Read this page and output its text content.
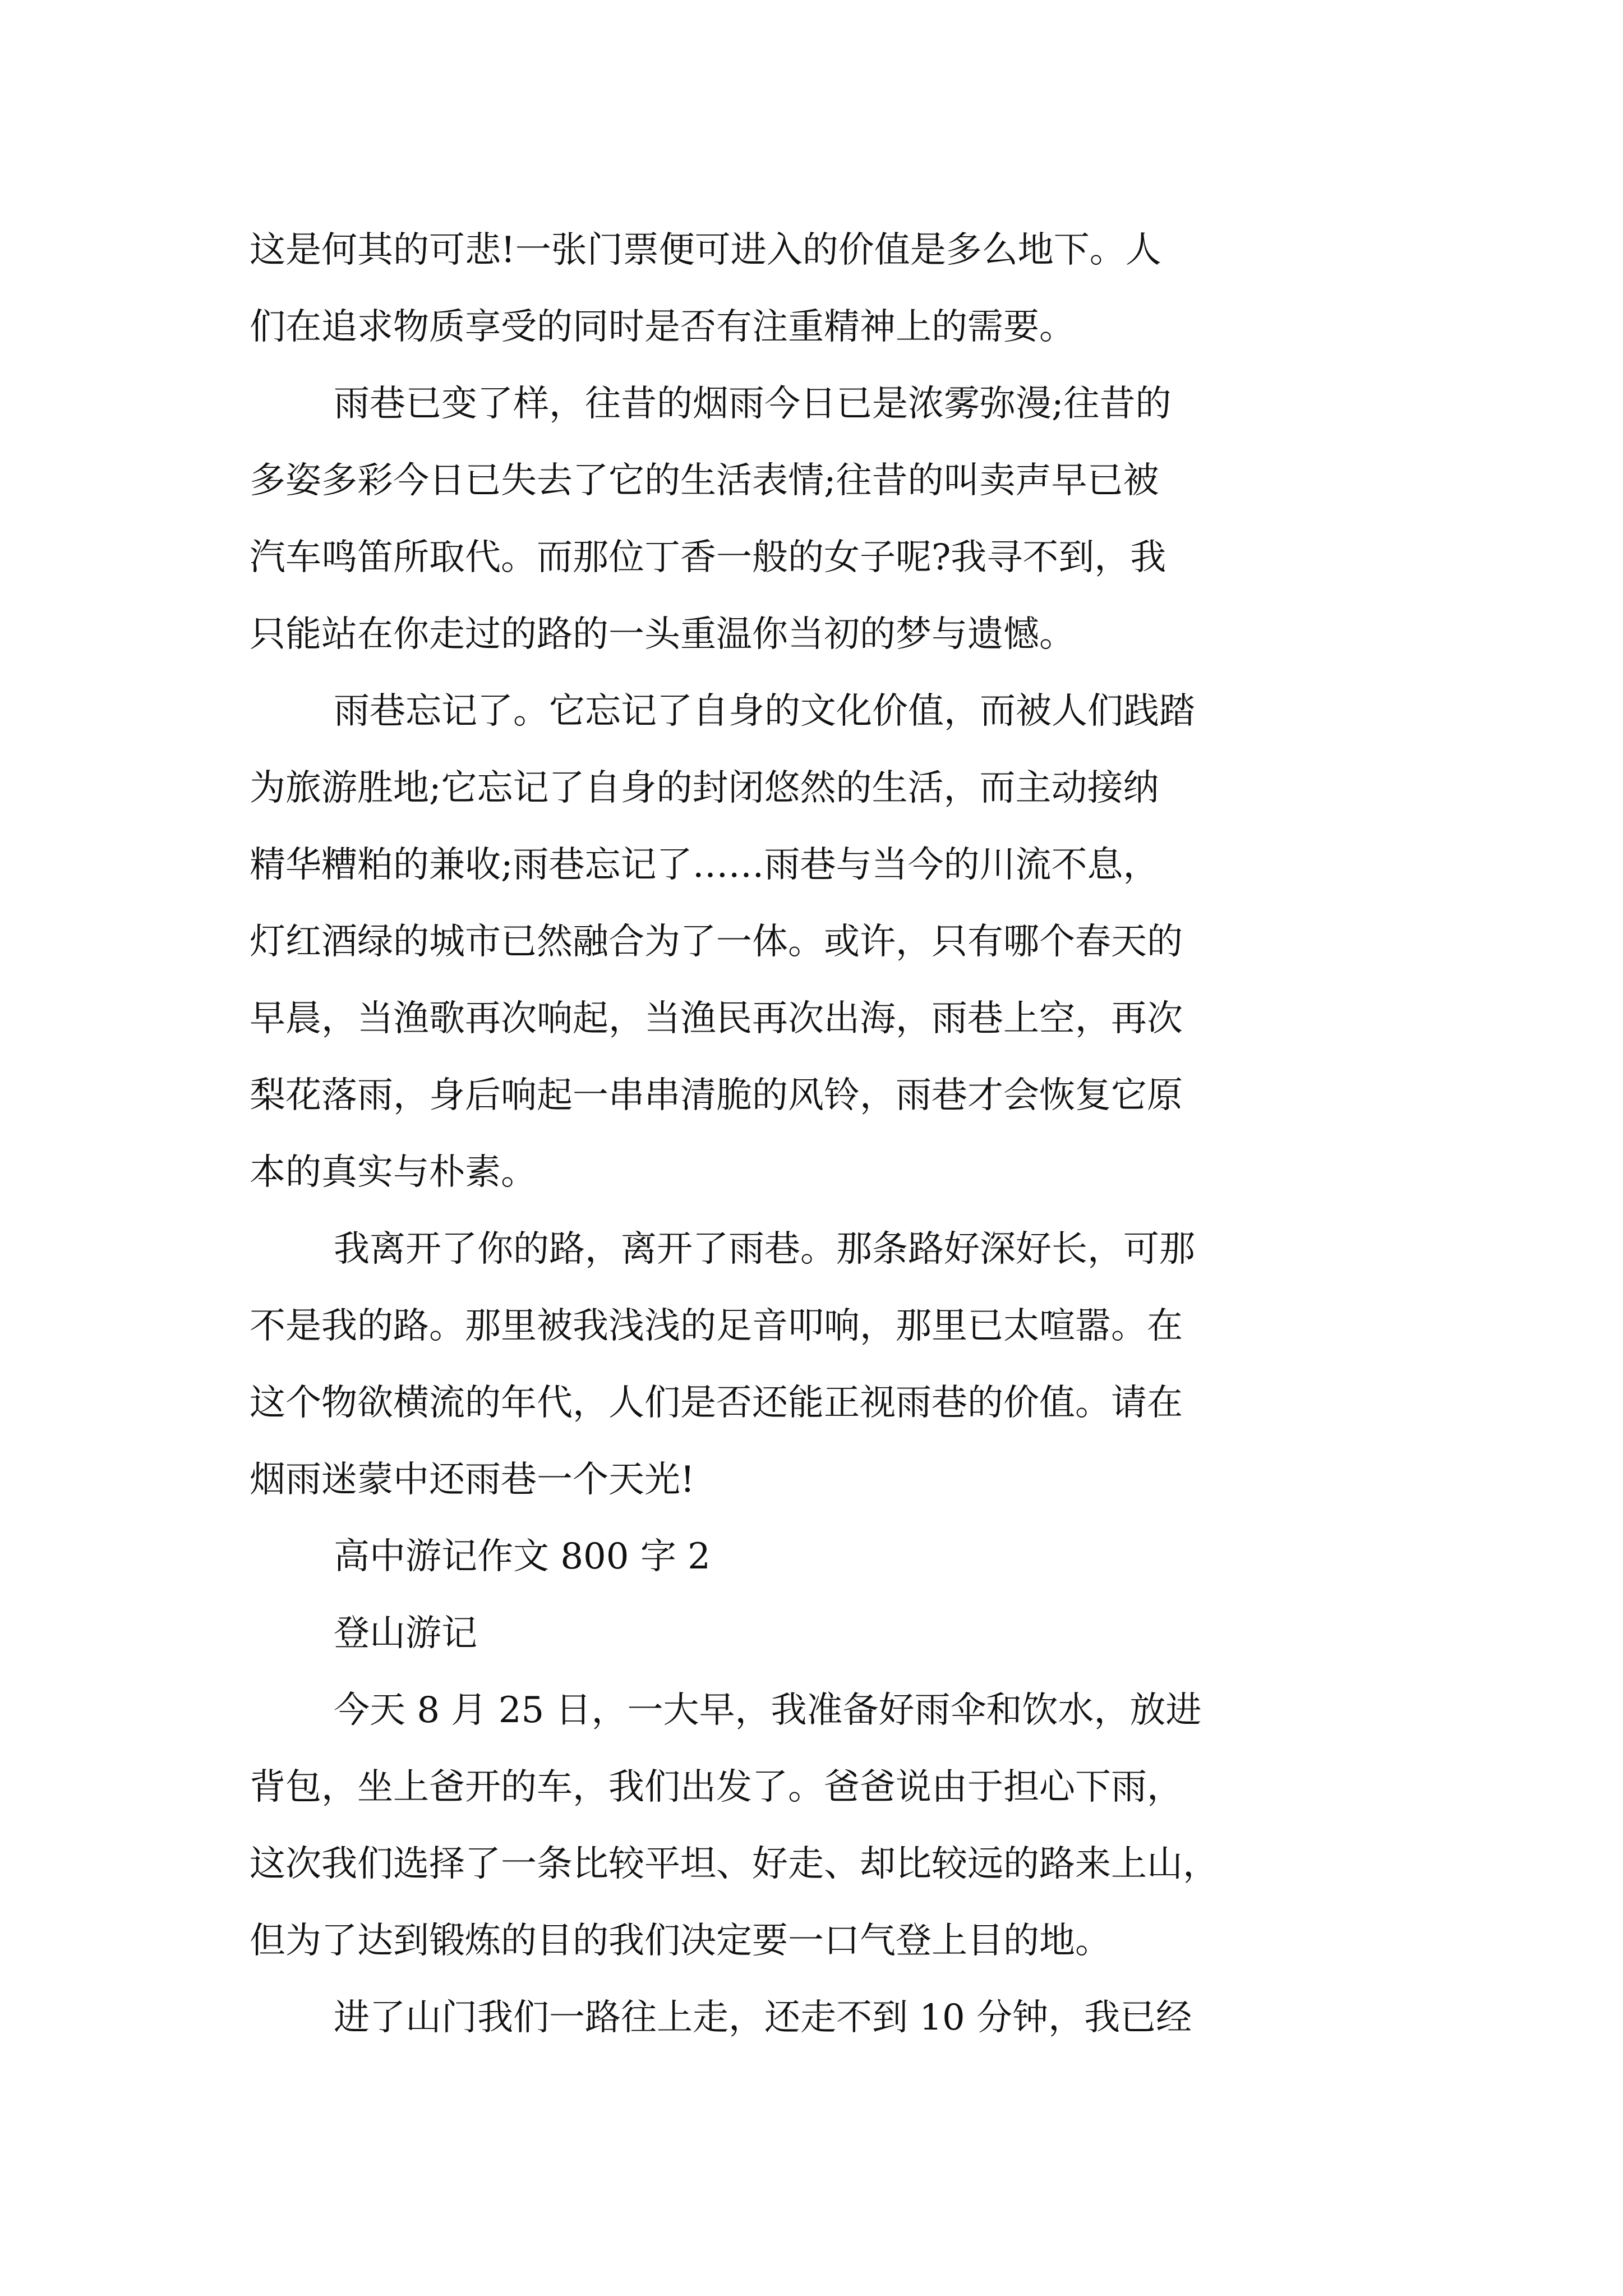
这是何其的可悲!一张门票便可进入的价值是多么地下。人
们在追求物质享受的同时是否有注重精神上的需要。

雨巷已变了样，往昔的烟雨今日已是浓雾弥漫;往昔的
多姿多彩今日已失去了它的生活表情;往昔的叫卖声早已被
汽车鸣笛所取代。而那位丁香一般的女子呢?我寻不到，我
只能站在你走过的路的一头重温你当初的梦与遗憾。

雨巷忘记了。它忘记了自身的文化价值，而被人们践踏
为旅游胜地;它忘记了自身的封闭悠然的生活，而主动接纳
精华糟粕的兼收;雨巷忘记了……雨巷与当今的川流不息，
灯红酒绿的城市已然融合为了一体。或许，只有哪个春天的
早晨，当渔歌再次响起，当渔民再次出海，雨巷上空，再次
梨花落雨，身后响起一串串清脆的风铃，雨巷才会恢复它原
本的真实与朴素。

我离开了你的路，离开了雨巷。那条路好深好长，可那
不是我的路。那里被我浅浅的足音叩响，那里已太喧嚣。在
这个物欲横流的年代，人们是否还能正视雨巷的价值。请在
烟雨迷蒙中还雨巷一个天光!

高中游记作文 800 字 2

登山游记

今天 8 月 25 日，一大早，我准备好雨伞和饮水，放进
背包，坐上爸开的车，我们出发了。爸爸说由于担心下雨，
这次我们选择了一条比较平坦、好走、却比较远的路来上山，
但为了达到锻炼的目的我们决定要一口气登上目的地。

进了山门我们一路往上走，还走不到 10 分钟，我已经
